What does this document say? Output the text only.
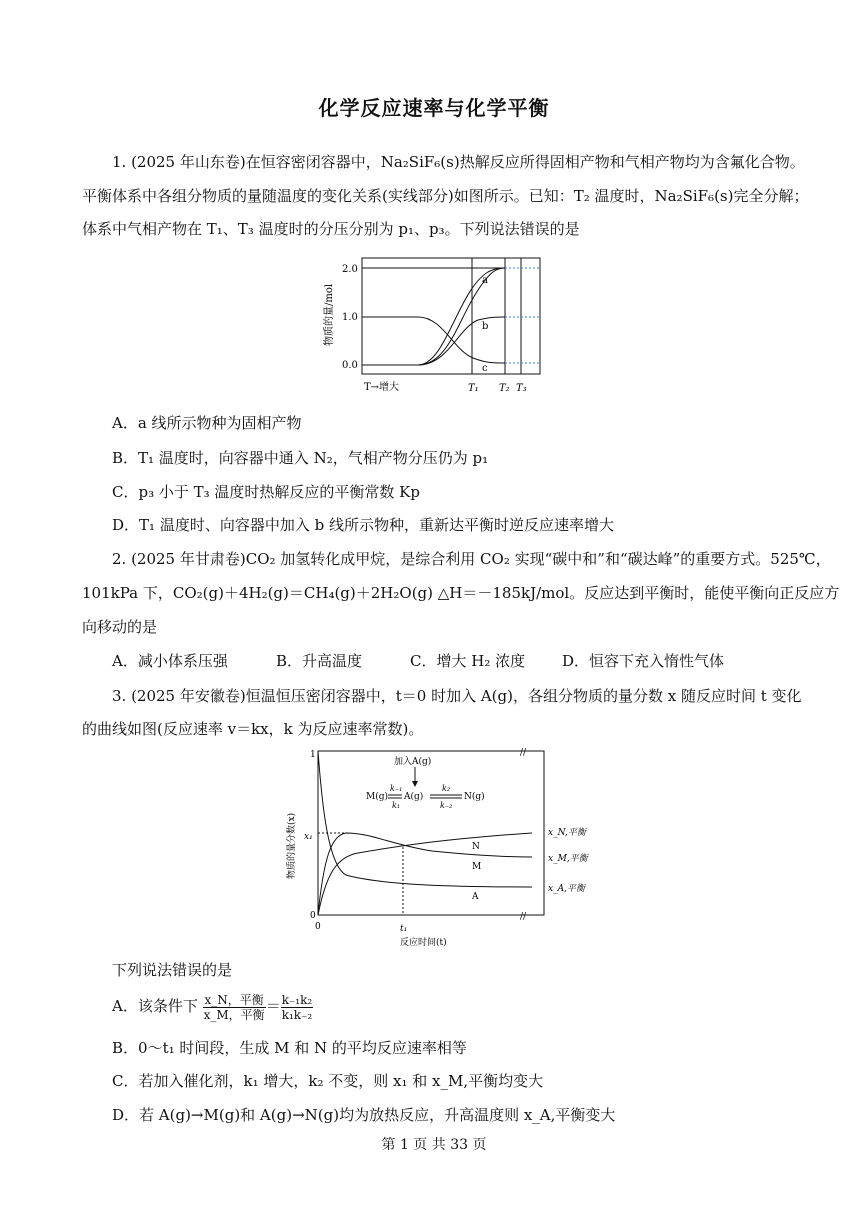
化学反应速率与化学平衡
1. (2025 年山东卷)在恒容密闭容器中，Na₂SiF₆(s)热解反应所得固相产物和气相产物均为含氟化合物。
平衡体系中各组分物质的量随温度的变化关系(实线部分)如图所示。已知：T₂ 温度时，Na₂SiF₆(s)完全分解；
体系中气相产物在 T₁、T₃ 温度时的分压分别为 p₁、p₃。下列说法错误的是
物质的量/mol
2.0
1.0
0.0
a
b
c
T→增大	T₁ T₂ T₃
A．a 线所示物种为固相产物
B．T₁ 温度时，向容器中通入 N₂，气相产物分压仍为 p₁
C．p₃ 小于 T₃ 温度时热解反应的平衡常数 Kp
D．T₁ 温度时、向容器中加入 b 线所示物种，重新达平衡时逆反应速率增大
2. (2025 年甘肃卷)CO₂ 加氢转化成甲烷，是综合利用 CO₂ 实现“碳中和”和“碳达峰”的重要方式。525℃，
101kPa 下，CO₂(g)＋4H₂(g)＝CH₄(g)＋2H₂O(g) △H＝－185kJ/mol。反应达到平衡时，能使平衡向正反应方
向移动的是
A．减小体系压强	B．升高温度	C．增大 H₂ 浓度 D．恒容下充入惰性气体
3. (2025 年安徽卷)恒温恒压密闭容器中，t＝0 时加入 A(g)，各组分物质的量分数 x 随反应时间 t 变化
的曲线如图(反应速率 v＝kx，k 为反应速率常数)。
物质的量分数(x)
1
x₁
0
0	t₁
反应时间(t)
//
//
加入A(g)
M(g) A(g)	N(g)
k₋₁
k₁
k₂
k₋₂
N
M
A
x_N,平衡
x_M,平衡
x_A,平衡
下列说法错误的是
A．该条件下 $\frac{\text{x\_N，平衡}}{\text{x\_M，平衡}} = \frac{\text{k₋₁k₂}}{\text{k₁k₋₂}}$
B．0～t₁ 时间段，生成 M 和 N 的平均反应速率相等
C．若加入催化剂，k₁ 增大，k₂ 不变，则 x₁ 和 x_M,平衡均变大
D．若 A(g)→M(g)和 A(g)→N(g)均为放热反应，升高温度则 x_A,平衡变大
第 1 页 共 33 页
